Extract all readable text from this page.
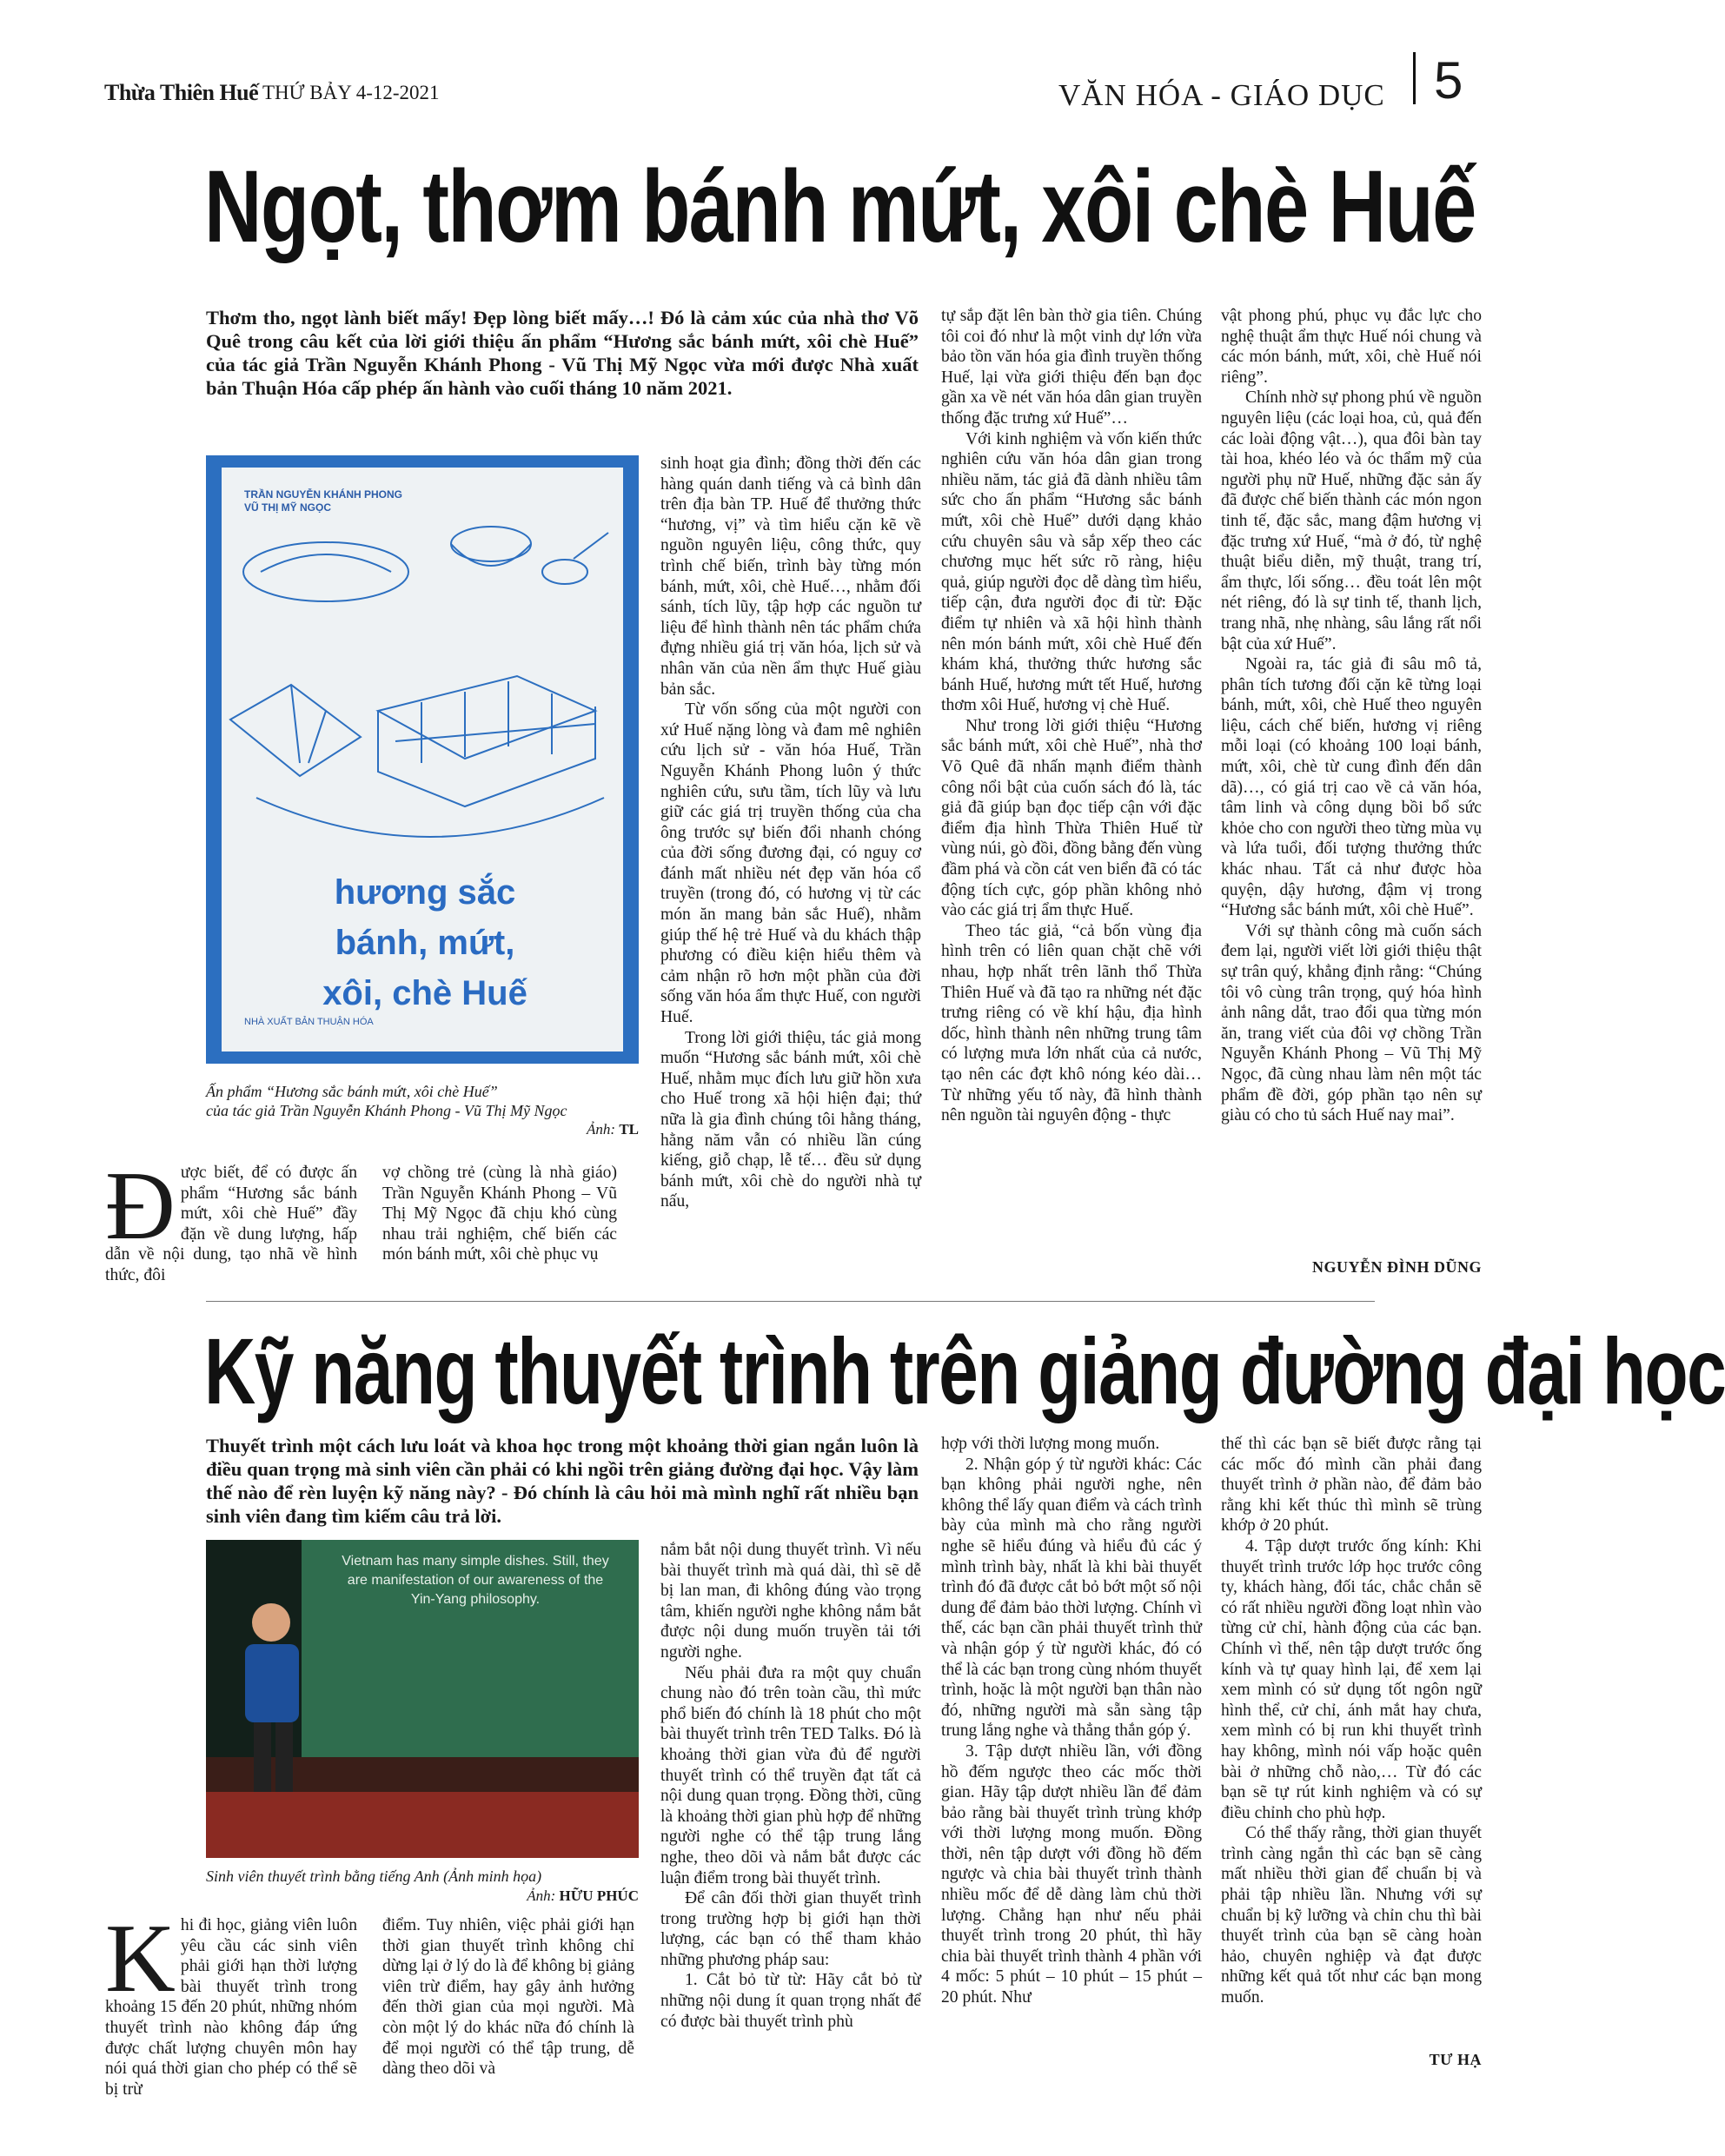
Thừa Thiên Huế THỨ BẢY 4-12-2021	VĂN HÓA - GIÁO DỤC 5
Ngọt, thơm bánh mứt, xôi chè Huế
Thơm tho, ngọt lành biết mấy! Đẹp lòng biết mấy…! Đó là cảm xúc của nhà thơ Võ Quê trong câu kết của lời giới thiệu ấn phẩm “Hương sắc bánh mứt, xôi chè Huế” của tác giả Trần Nguyễn Khánh Phong - Vũ Thị Mỹ Ngọc vừa mới được Nhà xuất bản Thuận Hóa cấp phép ấn hành vào cuối tháng 10 năm 2021.
TRẦN NGUYỄN KHÁNH PHONG
VŨ THỊ MỸ NGỌC
hương sắc
bánh, mứt,
xôi, chè Huế
NHÀ XUẤT BẢN THUẬN HÓA
Ấn phẩm “Hương sắc bánh mứt, xôi chè Huế”
của tác giả Trần Nguyễn Khánh Phong - Vũ Thị Mỹ Ngọc
Ảnh: TL
Đ ược biết, để có được ấn phẩm “Hương sắc bánh mứt, xôi chè Huế” đầy đặn về dung lượng, hấp dẫn về nội dung, tạo nhã về hình thức, đôi

vợ chồng trẻ (cùng là nhà giáo) Trần Nguyễn Khánh Phong – Vũ Thị Mỹ Ngọc đã chịu khó cùng nhau trải nghiệm, chế biến các món bánh mứt, xôi chè phục vụ

sinh hoạt gia đình; đồng thời đến các hàng quán danh tiếng và cả bình dân trên địa bàn TP. Huế để thưởng thức “hương, vị” và tìm hiểu cặn kẽ về nguồn nguyên liệu, công thức, quy trình chế biến, trình bày từng món bánh, mứt, xôi, chè Huế…, nhằm đối sánh, tích lũy, tập hợp các nguồn tư liệu để hình thành nên tác phẩm chứa đựng nhiều giá trị văn hóa, lịch sử và nhân văn của nền ẩm thực Huế giàu bản sắc.

Từ vốn sống của một người con xứ Huế nặng lòng và đam mê nghiên cứu lịch sử - văn hóa Huế, Trần Nguyễn Khánh Phong luôn ý thức nghiên cứu, sưu tầm, tích lũy và lưu giữ các giá trị truyền thống của cha ông trước sự biến đổi nhanh chóng của đời sống đương đại, có nguy cơ đánh mất nhiều nét đẹp văn hóa cổ truyền (trong đó, có hương vị từ các món ăn mang bản sắc Huế), nhằm giúp thế hệ trẻ Huế và du khách thập phương có điều kiện hiểu thêm và cảm nhận rõ hơn một phần của đời sống văn hóa ẩm thực Huế, con người Huế.

Trong lời giới thiệu, tác giả mong muốn “Hương sắc bánh mứt, xôi chè Huế, nhằm mục đích lưu giữ hồn xưa cho Huế trong xã hội hiện đại; thứ nữa là gia đình chúng tôi hằng tháng, hằng năm vẫn có nhiều lần cúng kiếng, giỗ chạp, lễ tế… đều sử dụng bánh mứt, xôi chè do người nhà tự nấu,

tự sắp đặt lên bàn thờ gia tiên. Chúng tôi coi đó như là một vinh dự lớn vừa bảo tồn văn hóa gia đình truyền thống Huế, lại vừa giới thiệu đến bạn đọc gần xa về nét văn hóa dân gian truyền thống đặc trưng xứ Huế”…

Với kinh nghiệm và vốn kiến thức nghiên cứu văn hóa dân gian trong nhiều năm, tác giả đã dành nhiều tâm sức cho ấn phẩm “Hương sắc bánh mứt, xôi chè Huế” dưới dạng khảo cứu chuyên sâu và sắp xếp theo các chương mục hết sức rõ ràng, hiệu quả, giúp người đọc dễ dàng tìm hiểu, tiếp cận, đưa người đọc đi từ: Đặc điểm tự nhiên và xã hội hình thành nên món bánh mứt, xôi chè Huế đến khám khá, thưởng thức hương sắc bánh Huế, hương mứt tết Huế, hương thơm xôi Huế, hương vị chè Huế.

Như trong lời giới thiệu “Hương sắc bánh mứt, xôi chè Huế”, nhà thơ Võ Quê đã nhấn mạnh điểm thành công nổi bật của cuốn sách đó là, tác giả đã giúp bạn đọc tiếp cận với đặc điểm địa hình Thừa Thiên Huế từ vùng núi, gò đồi, đồng bằng đến vùng đầm phá và cồn cát ven biển đã có tác động tích cực, góp phần không nhỏ vào các giá trị ẩm thực Huế.

Theo tác giả, “cả bốn vùng địa hình trên có liên quan chặt chẽ với nhau, hợp nhất trên lãnh thổ Thừa Thiên Huế và đã tạo ra những nét đặc trưng riêng có về khí hậu, địa hình dốc, hình thành nên những trung tâm có lượng mưa lớn nhất của cả nước, tạo nên các đợt khô nóng kéo dài… Từ những yếu tố này, đã hình thành nên nguồn tài nguyên động - thực

vật phong phú, phục vụ đắc lực cho nghệ thuật ẩm thực Huế nói chung và các món bánh, mứt, xôi, chè Huế nói riêng”.

Chính nhờ sự phong phú về nguồn nguyên liệu (các loại hoa, củ, quả đến các loài động vật…), qua đôi bàn tay tài hoa, khéo léo và óc thẩm mỹ của người phụ nữ Huế, những đặc sản ấy đã được chế biến thành các món ngon tinh tế, đặc sắc, mang đậm hương vị đặc trưng xứ Huế, “mà ở đó, từ nghệ thuật biểu diễn, mỹ thuật, trang trí, ẩm thực, lối sống… đều toát lên một nét riêng, đó là sự tinh tế, thanh lịch, trang nhã, nhẹ nhàng, sâu lắng rất nổi bật của xứ Huế”.

Ngoài ra, tác giả đi sâu mô tả, phân tích tương đối cặn kẽ từng loại bánh, mứt, xôi, chè Huế theo nguyên liệu, cách chế biến, hương vị riêng mỗi loại (có khoảng 100 loại bánh, mứt, xôi, chè từ cung đình đến dân dã)…, có giá trị cao về cả văn hóa, tâm linh và công dụng bồi bổ sức khỏe cho con người theo từng mùa vụ và lứa tuổi, đối tượng thưởng thức khác nhau. Tất cả như được hòa quyện, dậy hương, đậm vị trong “Hương sắc bánh mứt, xôi chè Huế”.

Với sự thành công mà cuốn sách đem lại, người viết lời giới thiệu thật sự trân quý, khẳng định rằng: “Chúng tôi vô cùng trân trọng, quý hóa hình ảnh nâng dắt, trao đổi qua từng món ăn, trang viết của đôi vợ chồng Trần Nguyễn Khánh Phong – Vũ Thị Mỹ Ngọc, đã cùng nhau làm nên một tác phẩm đề đời, góp phần tạo nên sự giàu có cho tủ sách Huế nay mai”.

NGUYỄN ĐÌNH DŨNG
Kỹ năng thuyết trình trên giảng đường đại học
Thuyết trình một cách lưu loát và khoa học trong một khoảng thời gian ngắn luôn là điều quan trọng mà sinh viên cần phải có khi ngồi trên giảng đường đại học. Vậy làm thế nào để rèn luyện kỹ năng này? - Đó chính là câu hỏi mà mình nghĩ rất nhiều bạn sinh viên đang tìm kiếm câu trả lời.
Vietnam has many simple dishes. Still, they are manifestation of our awareness of the Yin-Yang philosophy.
Sinh viên thuyết trình bằng tiếng Anh (Ảnh minh họa)
Ảnh: HỮU PHÚC
K hi đi học, giảng viên luôn yêu cầu các sinh viên phải giới hạn thời lượng bài thuyết trình trong khoảng 15 đến 20 phút, những nhóm thuyết trình nào không đáp ứng được chất lượng chuyên môn hay nói quá thời gian cho phép có thể sẽ bị trừ

điểm. Tuy nhiên, việc phải giới hạn thời gian thuyết trình không chỉ dừng lại ở lý do là để không bị giảng viên trừ điểm, hay gây ảnh hưởng đến thời gian của mọi người. Mà còn một lý do khác nữa đó chính là để mọi người có thể tập trung, dễ dàng theo dõi và

nắm bắt nội dung thuyết trình. Vì nếu bài thuyết trình mà quá dài, thì sẽ dễ bị lan man, đi không đúng vào trọng tâm, khiến người nghe không nắm bắt được nội dung muốn truyền tải tới người nghe.

Nếu phải đưa ra một quy chuẩn chung nào đó trên toàn cầu, thì mức phổ biến đó chính là 18 phút cho một bài thuyết trình trên TED Talks. Đó là khoảng thời gian vừa đủ để người thuyết trình có thể truyền đạt tất cả nội dung quan trọng. Đồng thời, cũng là khoảng thời gian phù hợp để những người nghe có thể tập trung lắng nghe, theo dõi và nắm bắt được các luận điểm trong bài thuyết trình.

Để cân đối thời gian thuyết trình trong trường hợp bị giới hạn thời lượng, các bạn có thể tham khảo những phương pháp sau:

1. Cắt bỏ từ từ: Hãy cắt bỏ từ những nội dung ít quan trọng nhất để có được bài thuyết trình phù

hợp với thời lượng mong muốn.

2. Nhận góp ý từ người khác: Các bạn không phải người nghe, nên không thể lấy quan điểm và cách trình bày của mình mà cho rằng người nghe sẽ hiểu đúng và hiểu đủ các ý mình trình bày, nhất là khi bài thuyết trình đó đã được cắt bỏ bớt một số nội dung để đảm bảo thời lượng. Chính vì thế, các bạn cần phải thuyết trình thử và nhận góp ý từ người khác, đó có thể là các bạn trong cùng nhóm thuyết trình, hoặc là một người bạn thân nào đó, những người mà sẵn sàng tập trung lắng nghe và thẳng thắn góp ý.

3. Tập dượt nhiều lần, với đồng hồ đếm ngược theo các mốc thời gian. Hãy tập dượt nhiều lần để đảm bảo rằng bài thuyết trình trùng khớp với thời lượng mong muốn. Đồng thời, nên tập dượt với đồng hồ đếm ngược và chia bài thuyết trình thành nhiều mốc để dễ dàng làm chủ thời lượng. Chẳng hạn như nếu phải thuyết trình trong 20 phút, thì hãy chia bài thuyết trình thành 4 phần với 4 mốc: 5 phút – 10 phút – 15 phút – 20 phút. Như

thế thì các bạn sẽ biết được rằng tại các mốc đó mình cần phải đang thuyết trình ở phần nào, để đảm bảo rằng khi kết thúc thì mình sẽ trùng khớp ở 20 phút.

4. Tập dượt trước ống kính: Khi thuyết trình trước lớp học trước công ty, khách hàng, đối tác, chắc chắn sẽ có rất nhiều người đồng loạt nhìn vào từng cử chỉ, hành động của các bạn. Chính vì thế, nên tập dượt trước ống kính và tự quay hình lại, để xem lại xem mình có sử dụng tốt ngôn ngữ hình thể, cử chỉ, ánh mắt hay chưa, xem mình có bị run khi thuyết trình hay không, mình nói vấp hoặc quên bài ở những chỗ nào,… Từ đó các bạn sẽ tự rút kinh nghiệm và có sự điều chỉnh cho phù hợp.

Có thể thấy rằng, thời gian thuyết trình càng ngắn thì các bạn sẽ càng mất nhiều thời gian để chuẩn bị và phải tập nhiều lần. Nhưng với sự chuẩn bị kỹ lưỡng và chỉn chu thì bài thuyết trình của bạn sẽ càng hoàn hảo, chuyên nghiệp và đạt được những kết quả tốt như các bạn mong muốn.

TƯ HẠ
